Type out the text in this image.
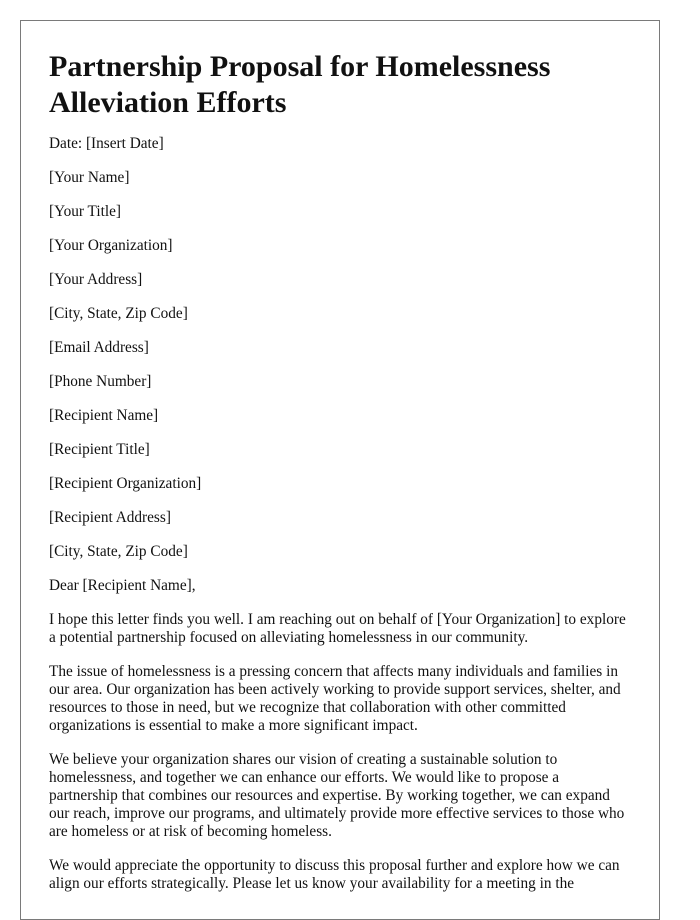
Partnership Proposal for Homelessness Alleviation Efforts
Date: [Insert Date]
[Your Name]
[Your Title]
[Your Organization]
[Your Address]
[City, State, Zip Code]
[Email Address]
[Phone Number]
[Recipient Name]
[Recipient Title]
[Recipient Organization]
[Recipient Address]
[City, State, Zip Code]
Dear [Recipient Name],

I hope this letter finds you well. I am reaching out on behalf of [Your Organization] to explore a potential partnership focused on alleviating homelessness in our community.

The issue of homelessness is a pressing concern that affects many individuals and families in our area. Our organization has been actively working to provide support services, shelter, and resources to those in need, but we recognize that collaboration with other committed organizations is essential to make a more significant impact.

We believe your organization shares our vision of creating a sustainable solution to homelessness, and together we can enhance our efforts. We would like to propose a partnership that combines our resources and expertise. By working together, we can expand our reach, improve our programs, and ultimately provide more effective services to those who are homeless or at risk of becoming homeless.

We would appreciate the opportunity to discuss this proposal further and explore how we can align our efforts strategically. Please let us know your availability for a meeting in the
